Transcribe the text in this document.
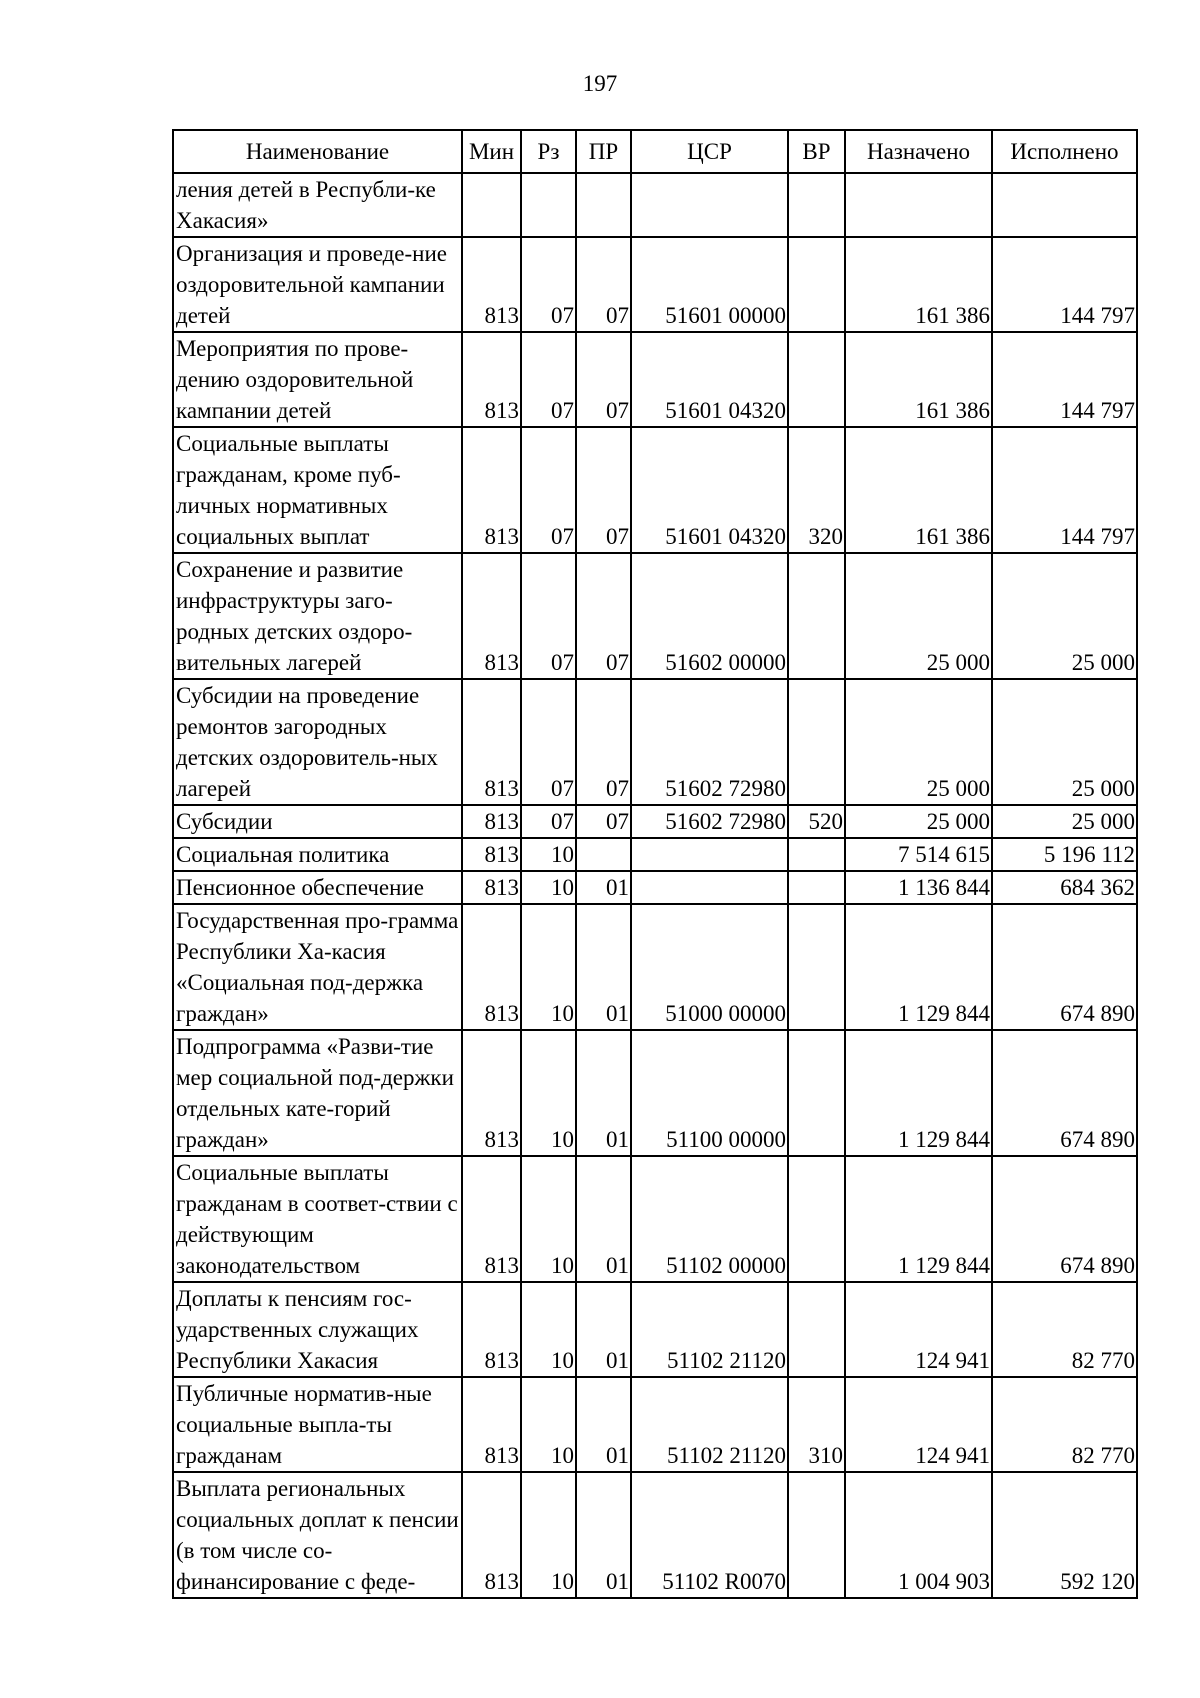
197
Наименование	Мин	Рз	ПР	ЦСР	ВР	Назначено	Исполнено
ления детей в Республи-ке Хакасия»							
Организация и проведе-ние оздоровительной кампании детей	813	07	07	51601 00000		161 386	144 797
Мероприятия по прове-дению оздоровительной кампании детей	813	07	07	51601 04320		161 386	144 797
Социальные выплаты гражданам, кроме пуб-личных нормативных социальных выплат	813	07	07	51601 04320	320	161 386	144 797
Сохранение и развитие инфраструктуры заго-родных детских оздоро-вительных лагерей	813	07	07	51602 00000		25 000	25 000
Субсидии на проведение ремонтов загородных детских оздоровитель-ных лагерей	813	07	07	51602 72980		25 000	25 000
Субсидии	813	07	07	51602 72980	520	25 000	25 000
Социальная политика	813	10				7 514 615	5 196 112
Пенсионное обеспечение	813	10	01			1 136 844	684 362
Государственная про-грамма Республики Ха-касия «Социальная под-держка граждан»	813	10	01	51000 00000		1 129 844	674 890
Подпрограмма «Разви-тие мер социальной под-держки отдельных кате-горий граждан»	813	10	01	51100 00000		1 129 844	674 890
Социальные выплаты гражданам в соответ-ствии с действующим законодательством	813	10	01	51102 00000		1 129 844	674 890
Доплаты к пенсиям гос-ударственных служащих Республики Хакасия	813	10	01	51102 21120		124 941	82 770
Публичные норматив-ные социальные выпла-ты гражданам	813	10	01	51102 21120	310	124 941	82 770
Выплата региональных социальных доплат к пенсии (в том числе со-финансирование с феде-	813	10	01	51102 R0070		1 004 903	592 120
